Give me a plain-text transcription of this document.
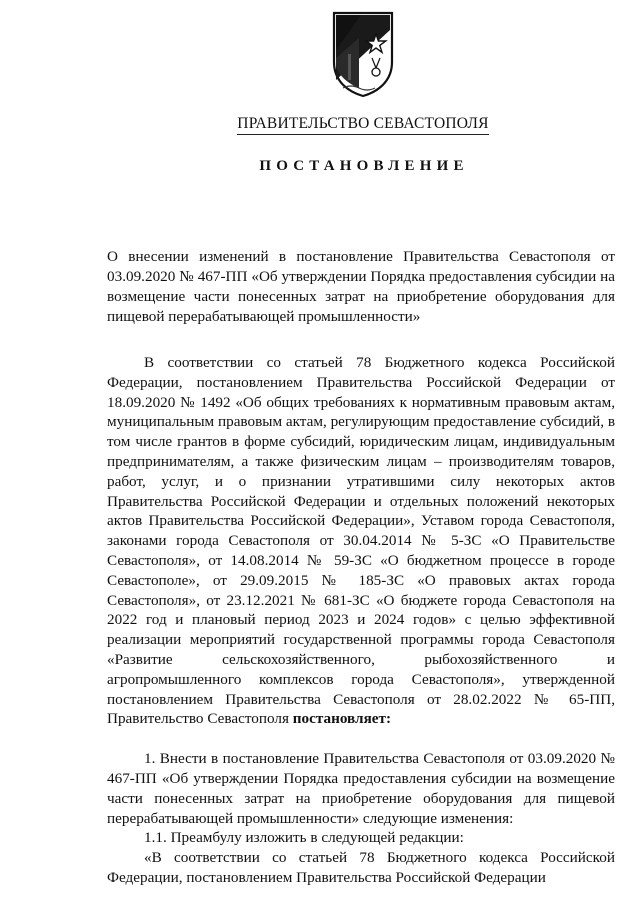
ПРАВИТЕЛЬСТВО СЕВАСТОПОЛЯ
ПОСТАНОВЛЕНИЕ
О внесении изменений в постановление Правительства Севастополя от 03.09.2020 № 467-ПП «Об утверждении Порядка предоставления субсидии на возмещение части понесенных затрат на приобретение оборудования для пищевой перерабатывающей промышленности»

В соответствии со статьей 78 Бюджетного кодекса Российской Федерации, постановлением Правительства Российской Федерации от 18.09.2020 № 1492 «Об общих требованиях к нормативным правовым актам, муниципальным правовым актам, регулирующим предоставление субсидий, в том числе грантов в форме субсидий, юридическим лицам, индивидуальным предпринимателям, а также физическим лицам – производителям товаров, работ, услуг, и о признании утратившими силу некоторых актов Правительства Российской Федерации и отдельных положений некоторых актов Правительства Российской Федерации», Уставом города Севастополя, законами города Севастополя от 30.04.2014 № 5-ЗС «О Правительстве Севастополя», от 14.08.2014 № 59-ЗС «О бюджетном процессе в городе Севастополе», от 29.09.2015 № 185-ЗС «О правовых актах города Севастополя», от 23.12.2021 № 681-ЗС «О бюджете города Севастополя на 2022 год и плановый период 2023 и 2024 годов» с целью эффективной реализации мероприятий государственной программы города Севастополя «Развитие сельскохозяйственного, рыбохозяйственного и агропромышленного комплексов города Севастополя», утвержденной постановлением Правительства Севастополя от 28.02.2022 № 65-ПП, Правительство Севастополя постановляет:

1. Внести в постановление Правительства Севастополя от 03.09.2020 № 467-ПП «Об утверждении Порядка предоставления субсидии на возмещение части понесенных затрат на приобретение оборудования для пищевой перерабатывающей промышленности» следующие изменения:

1.1. Преамбулу изложить в следующей редакции:

«В соответствии со статьей 78 Бюджетного кодекса Российской Федерации, постановлением Правительства Российской Федерации
